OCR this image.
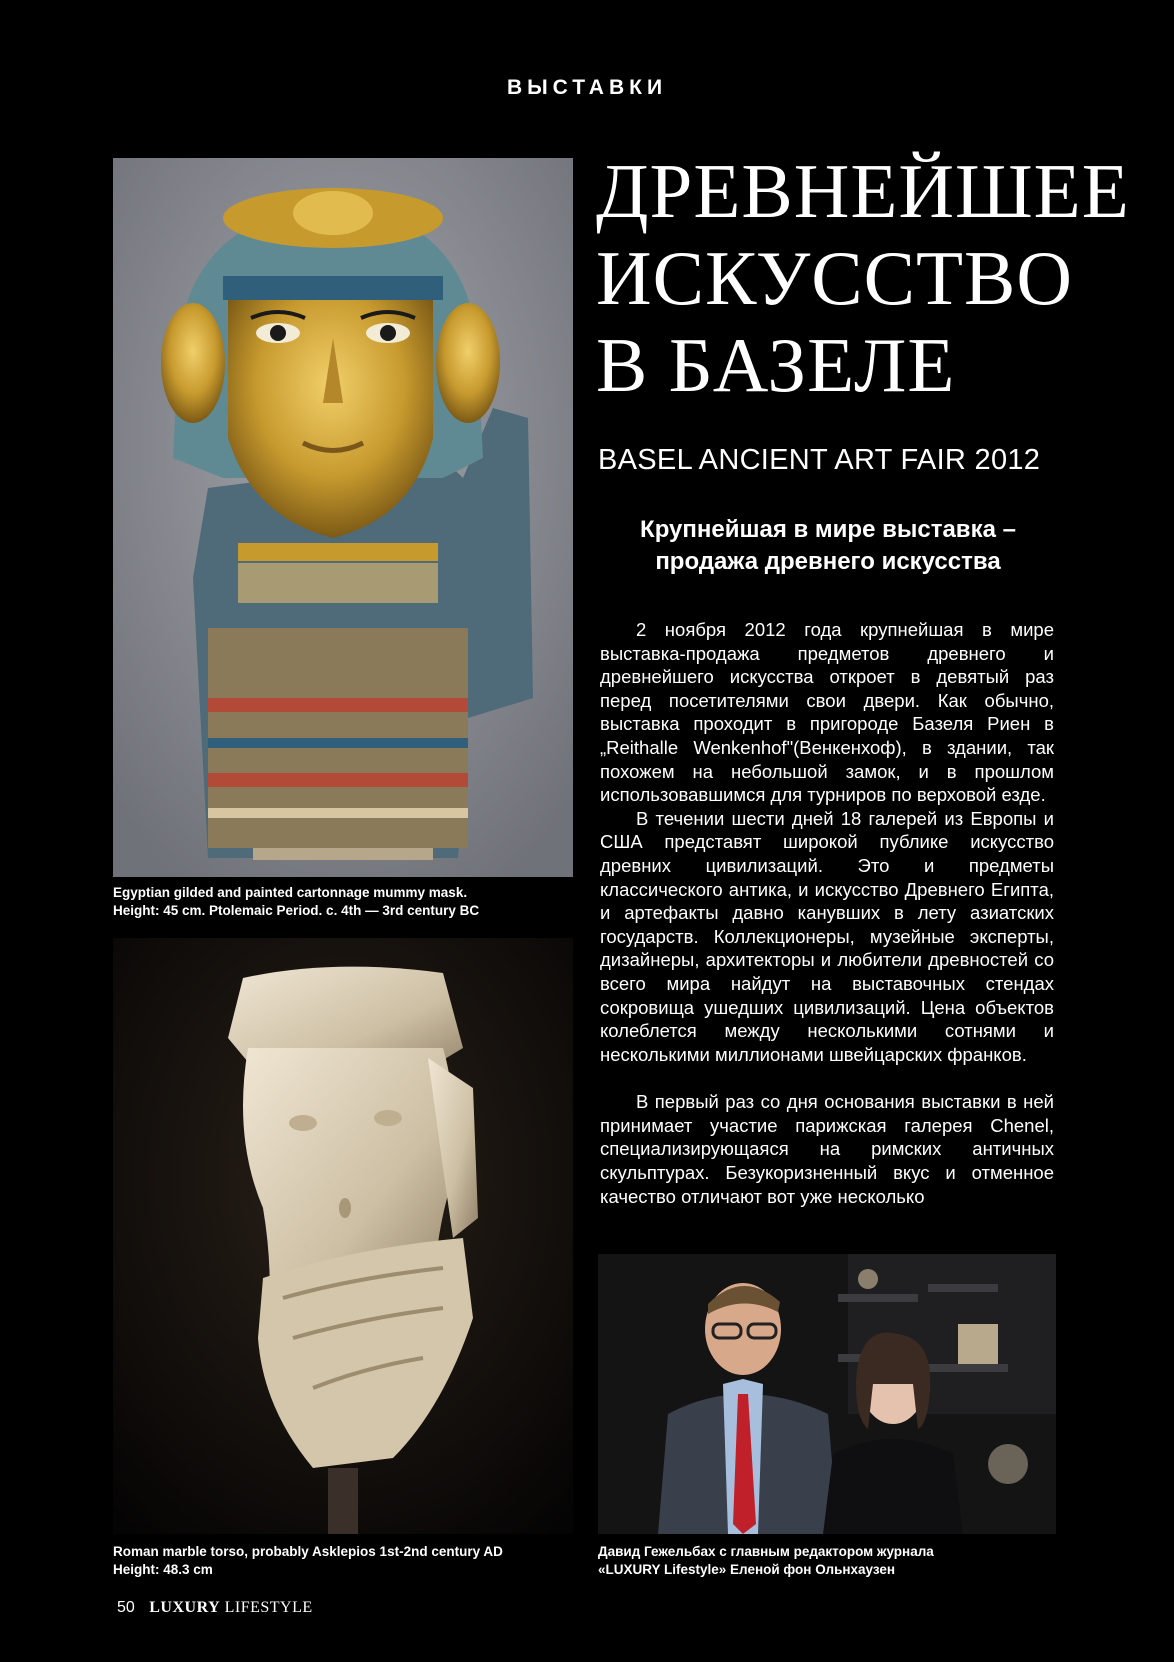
ВЫСТАВКИ
Egyptian gilded and painted cartonnage mummy mask.
Height: 45 cm. Ptolemaic Period. c. 4th — 3rd century BC
Roman marble torso, probably Asklepios 1st-2nd century AD
Height: 48.3 cm
Давид Гежельбах с главным редактором журнала
«LUXURY Lifestyle» Еленой фон Ольнхаузен
ДРЕВНЕЙШЕЕ
ИСКУССТВО
В БАЗЕЛЕ
BASEL ANCIENT ART FAIR 2012
Крупнейшая в мире выставка –
продажа древнего искусства

2 ноября 2012 года крупнейшая в мире выставка-продажа предметов древнего и древнейшего искусства откроет в девятый раз перед посетителями свои двери. Как обычно, выставка проходит в пригороде Базеля Риен в „Reithalle Wenkenhof"(Венкенхоф), в здании, так похожем на небольшой замок, и в прошлом использовавшимся для турниров по верховой езде.

В течении шести дней 18 галерей из Европы и США представят широкой публике искусство древних цивилизаций. Это и предметы классического антика, и искусство Древнего Египта, и артефакты давно канувших в лету азиатских государств. Коллекционеры, музейные эксперты, дизайнеры, архитекторы и любители древностей со всего мира найдут на выставочных стендах сокровища ушедших цивилизаций. Цена объектов колеблется между несколькими сотнями и несколькими миллионами швейцарских франков.

В первый раз со дня основания выставки в ней принимает участие парижская галерея Chenel, специализирующаяся на римских античных скульптурах. Безукоризненный вкус и отменное качество отличают вот уже несколько

50 LUXURY LIFESTYLE
